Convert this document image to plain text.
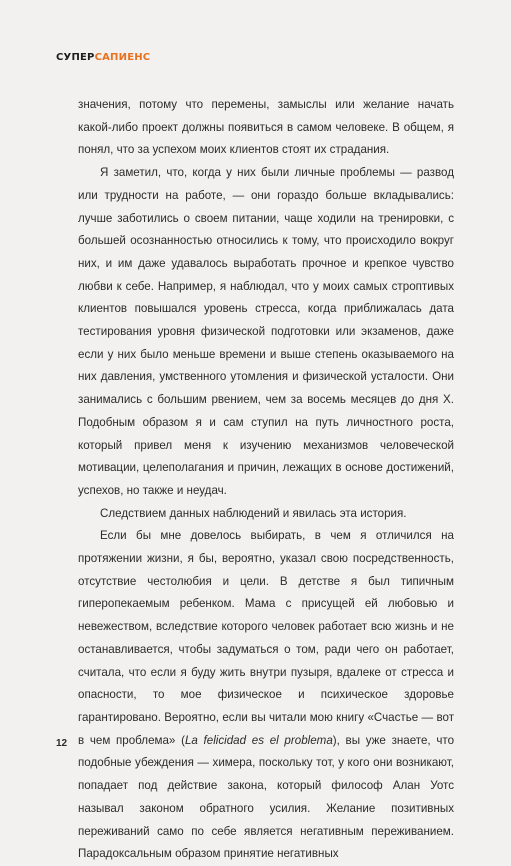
СУПЕРСАПИЕНС

значения, потому что перемены, замыслы или желание начать какой-либо проект должны появиться в самом человеке. В общем, я понял, что за успехом моих клиентов стоят их страдания.

Я заметил, что, когда у них были личные проблемы — развод или трудности на работе, — они гораздо больше вкладывались: лучше заботились о своем питании, чаще ходили на тренировки, с большей осознанностью относились к тому, что происходило вокруг них, и им даже удавалось выработать прочное и крепкое чувство любви к себе. Например, я наблюдал, что у моих самых строптивых клиентов повышался уровень стресса, когда приближалась дата тестирования уровня физической подготовки или экзаменов, даже если у них было меньше времени и выше степень оказываемого на них давления, умственного утомления и физической усталости. Они занимались с большим рвением, чем за восемь месяцев до дня X. Подобным образом я и сам ступил на путь личностного роста, который привел меня к изучению механизмов человеческой мотивации, целеполагания и причин, лежащих в основе достижений, успехов, но также и неудач.

Следствием данных наблюдений и явилась эта история.

Если бы мне довелось выбирать, в чем я отличился на протяжении жизни, я бы, вероятно, указал свою посредственность, отсутствие честолюбия и цели. В детстве я был типичным гиперопекаемым ребенком. Мама с присущей ей любовью и невежеством, вследствие которого человек работает всю жизнь и не останавливается, чтобы задуматься о том, ради чего он работает, считала, что если я буду жить внутри пузыря, вдалеке от стресса и опасности, то мое физическое и психическое здоровье гарантировано. Вероятно, если вы читали мою книгу «Счастье — вот в чем проблема» (La felicidad es el problema), вы уже знаете, что подобные убеждения — химера, поскольку тот, у кого они возникают, попадает под действие закона, который философ Алан Уотс называл законом обратного усилия. Желание позитивных переживаний само по себе является негативным переживанием. Парадоксальным образом принятие негативных

12
